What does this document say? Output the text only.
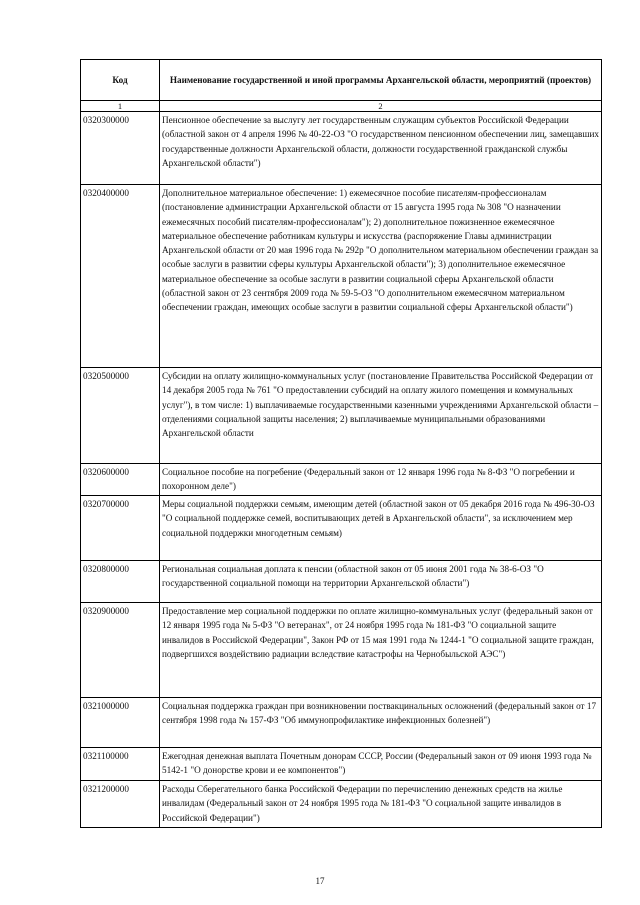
Код	Наименование государственной и иной программы Архангельской области, мероприятий (проектов)
1	2
0320300000	Пенсионное обеспечение за выслугу лет государственным служащим субъектов Российской Федерации (областной закон от 4 апреля 1996 № 40-22-ОЗ "О государственном пенсионном обеспечении лиц, замещавших государственные должности Архангельской области, должности государственной гражданской службы Архангельской области")
0320400000	Дополнительное материальное обеспечение: 1) ежемесячное пособие писателям-профессионалам (постановление администрации Архангельской области от 15 августа 1995 года № 308 "О назначении ежемесячных пособий писателям-профессионалам"); 2) дополнительное пожизненное ежемесячное материальное обеспечение работникам культуры и искусства (распоряжение Главы администрации Архангельской области от 20 мая 1996 года № 292р "О дополнительном материальном обеспечении граждан за особые заслуги в развитии сферы культуры Архангельской области"); 3) дополнительное ежемесячное материальное обеспечение за особые заслуги в развитии социальной сферы Архангельской области (областной закон от 23 сентября 2009 года № 59-5-ОЗ "О дополнительном ежемесячном материальном обеспечении граждан, имеющих особые заслуги в развитии социальной сферы Архангельской области")
0320500000	Субсидии на оплату жилищно-коммунальных услуг (постановление Правительства Российской Федерации от 14 декабря 2005 года № 761 "О предоставлении субсидий на оплату жилого помещения и коммунальных услуг"), в том числе: 1) выплачиваемые государственными казенными учреждениями Архангельской области – отделениями социальной защиты населения; 2) выплачиваемые муниципальными образованиями Архангельской области
0320600000	Социальное пособие на погребение (Федеральный закон от 12 января 1996 года № 8-ФЗ "О погребении и похоронном деле")
0320700000	Меры социальной поддержки семьям, имеющим детей (областной закон от 05 декабря 2016 года № 496-30-ОЗ "О социальной поддержке семей, воспитывающих детей в Архангельской области", за исключением мер социальной поддержки многодетным семьям)
0320800000	Региональная социальная доплата к пенсии (областной закон от 05 июня 2001 года № 38-6-ОЗ "О государственной социальной помощи на территории Архангельской области")
0320900000	Предоставление мер социальной поддержки по оплате жилищно-коммунальных услуг (федеральный закон от 12 января 1995 года № 5-ФЗ "О ветеранах", от 24 ноября 1995 года № 181-ФЗ "О социальной защите инвалидов в Российской Федерации", Закон РФ от 15 мая 1991 года № 1244-1 "О социальной защите граждан, подвергшихся воздействию радиации вследствие катастрофы на Чернобыльской АЭС")
0321000000	Социальная поддержка граждан при возникновении поствакцинальных осложнений (федеральный закон от 17 сентября 1998 года № 157-ФЗ "Об иммунопрофилактике инфекционных болезней")
0321100000	Ежегодная денежная выплата Почетным донорам СССР, России (Федеральный закон от 09 июня 1993 года № 5142-1 "О донорстве крови и ее компонентов")
0321200000	Расходы Сберегательного банка Российской Федерации по перечислению денежных средств на жилье инвалидам (Федеральный закон от 24 ноября 1995 года № 181-ФЗ "О социальной защите инвалидов в Российской Федерации")
17
